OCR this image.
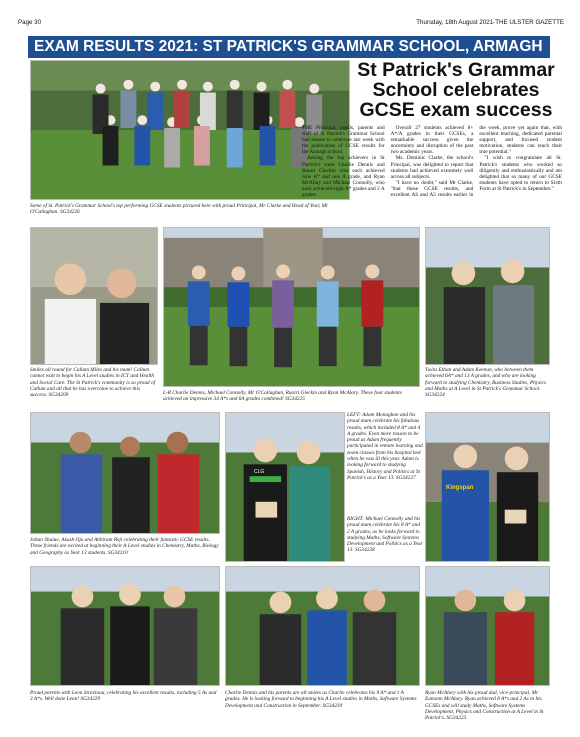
Page 30	Thursday, 18th August 2021-THE ULSTER GAZETTE
EXAM RESULTS 2021: ST PATRICK'S GRAMMAR SCHOOL, ARMAGH
Some of St. Patrick's Grammar School's top performing GCSE students pictured here with proud Principal, Mr Clarke and Head of Year, Mr O'Callaghan. SG34226
St Patrick's Grammar
School celebrates
GCSE exam success

THE Principal, pupils, parents and staff of St Patrick's Grammar School had reason to celebrate last week with the publication of GCSE results for the Armagh school.

Among the top achievers in St Patrick's were Charlie Dennis and Ruairi Gleckin who each achieved nine A* and one A grade, and Ryan McAlary and Michael Connolly, who each achieved eight A* grades and 2 A grades.

Overall 27 students achieved 8+ A*/A grades in their GCSEs, a remarkable success given the uncertainty and disruption of the past two academic years.

Ms. Dominic Clarke, the school's Principal, was delighted to report that students had achieved extremely well across all subjects.

"I have no doubt," said Mr Clarke, "that these GCSE results, and excellent AS and A5 results earlier in the week, prove yet again that, with excellent teaching, dedicated parental support, and focused student motivation, students can reach their true potential."

"I wish to congratulate all St. Patrick's students who worked so diligently and enthusiastically and am delighted that so many of our GCSE students have opted to return to Sixth Form at St Patrick's in September."

Smiles all round for Callum Miles and his mum! Callum cannot wait to begin his A Level studies in ICT and Health and Social Care. The St Patrick's community is so proud of Callum and all that he has overcome to achieve this success. SG34209	L-R Charlie Dennis, Michael Connolly, Mr O'Callaghan, Ruairi Gleckin and Ryan McAlary. These four students achieved an impressive 34 A*s and 6A grades combined! SG34225
Twins Ethan and Adam Keenan, who between them achieved 6A* and 13 A grades, and who are looking forward to studying Chemistry, Business Studies, Physics and Maths at A Level in St Patrick's Grammar School. SG34224
Johan Shaiue, Akash Ojo and Abhiram Reji celebrating their fantastic GCSE results. These friends are excited at beginning their A Level studies in Chemistry, Maths, Biology and Geography as Year 13 students. SG34210
CLG
LEFT: Adam Monaghan and his proud mum celebrate his fabulous results, which included 8 A* and 4 A grades. Even more reason to be proud as Adam frequently participated in remote learning and zoom classes from his hospital bed when he was ill this year. Adam is looking forward to studying Spanish, History and Politics at St Patrick's as a Year 13. SG34227
RIGHT: Michael Connolly and his proud mum celebrate his 8 A* and 2 A grades, as he looks forward to studying Maths, Software Systems Development and Politics as a Year 13. SG34228
Kingspan
Proud parents with Leon Stravinou, celebrating his excellent results, including 5 As and 3 A*s. Well done Leon! SG34229
Charlie Dennis and his parents are all smiles as Charlie celebrates his 9 A* and 1 A grades. He is looking forward to beginning his A Level studies in Maths, Software Systems Development and Construction in September. SG34230
Ryan McAlary with his proud dad, vice-principal, Mr Eamonn McAlary. Ryan achieved 8 A*s and 2 As in his GCSEs and will study Maths, Software Systems Development, Physics and Construction at A Level in St Patrick's. SG34223
